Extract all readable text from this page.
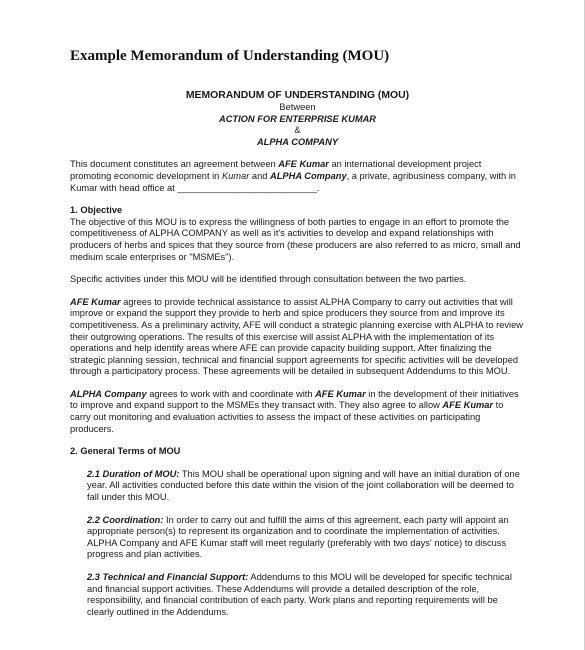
Example Memorandum of Understanding (MOU)
MEMORANDUM OF UNDERSTANDING (MOU)
Between
ACTION FOR ENTERPRISE KUMAR
&
ALPHA COMPANY

This document constitutes an agreement between AFE Kumar an international development project promoting economic development in Kumar and ALPHA Company, a private, agribusiness company, with in Kumar with head office at ___________________________.

1. Objective

The objective of this MOU is to express the willingness of both parties to engage in an effort to promote the competitiveness of ALPHA COMPANY as well as it's activities to develop and expand relationships with producers of herbs and spices that they source from (these producers are also referred to as micro, small and medium scale enterprises or "MSMEs").

Specific activities under this MOU will be identified through consultation between the two parties.

AFE Kumar agrees to provide technical assistance to assist ALPHA Company to carry out activities that will improve or expand the support they provide to herb and spice producers they source from and improve its competitiveness. As a preliminary activity, AFE will conduct a strategic planning exercise with ALPHA to review their outgrowing operations. The results of this exercise will assist ALPHA with the implementation of its operations and help identify areas where AFE can provide capacity building support. After finalizing the strategic planning session, technical and financial support agreements for specific activities will be developed through a participatory process. These agreements will be detailed in subsequent Addendums to this MOU.

ALPHA Company agrees to work with and coordinate with AFE Kumar in the development of their initiatives to improve and expand support to the MSMEs they transact with. They also agree to allow AFE Kumar to carry out monitoring and evaluation activities to assess the impact of these activities on participating producers.

2. General Terms of MOU

2.1 Duration of MOU: This MOU shall be operational upon signing and will have an initial duration of one year. All activities conducted before this date within the vision of the joint collaboration will be deemed to fall under this MOU.

2.2 Coordination: In order to carry out and fulfill the aims of this agreement, each party will appoint an appropriate person(s) to represent its organization and to coordinate the implementation of activities. ALPHA Company and AFE Kumar staff will meet regularly (preferably with two days' notice) to discuss progress and plan activities.

2.3 Technical and Financial Support: Addendums to this MOU will be developed for specific technical and financial support activities. These Addendums will provide a detailed description of the role, responsibility, and financial contribution of each party. Work plans and reporting requirements will be clearly outlined in the Addendums.
